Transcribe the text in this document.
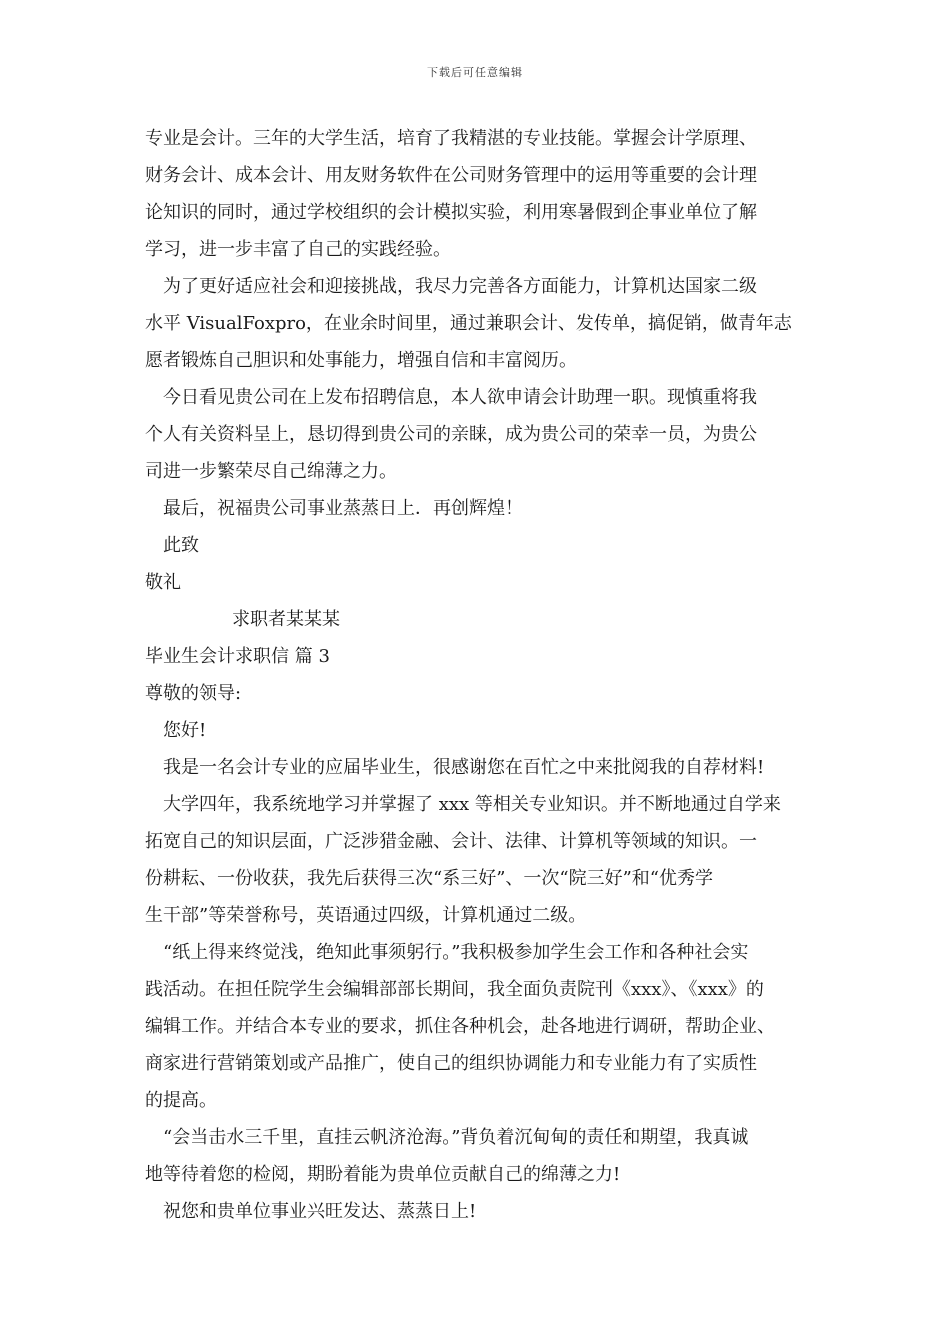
下载后可任意编辑
专业是会计。三年的大学生活，培育了我精湛的专业技能。掌握会计学原理、
财务会计、成本会计、用友财务软件在公司财务管理中的运用等重要的会计理
论知识的同时，通过学校组织的会计模拟实验，利用寒暑假到企事业单位了解
学习，进一步丰富了自己的实践经验。
为了更好适应社会和迎接挑战，我尽力完善各方面能力，计算机达国家二级
水平 VisualFoxpro，在业余时间里，通过兼职会计、发传单，搞促销，做青年志
愿者锻炼自己胆识和处事能力，增强自信和丰富阅历。
今日看见贵公司在上发布招聘信息，本人欲申请会计助理一职。现慎重将我
个人有关资料呈上，恳切得到贵公司的亲睐，成为贵公司的荣幸一员，为贵公
司进一步繁荣尽自己绵薄之力。
最后，祝福贵公司事业蒸蒸日上．再创辉煌！
此致
敬礼
求职者某某某
毕业生会计求职信 篇 3
尊敬的领导:
您好!
我是一名会计专业的应届毕业生，很感谢您在百忙之中来批阅我的自荐材料!
大学四年，我系统地学习并掌握了 xxx 等相关专业知识。并不断地通过自学来
拓宽自己的知识层面，广泛涉猎金融、会计、法律、计算机等领域的知识。一
份耕耘、一份收获，我先后获得三次“系三好”、一次“院三好”和“优秀学
生干部”等荣誉称号，英语通过四级，计算机通过二级。
“纸上得来终觉浅，绝知此事须躬行。”我积极参加学生会工作和各种社会实
践活动。在担任院学生会编辑部部长期间，我全面负责院刊《xxx》、《xxx》的
编辑工作。并结合本专业的要求，抓住各种机会，赴各地进行调研，帮助企业、
商家进行营销策划或产品推广，使自己的组织协调能力和专业能力有了实质性
的提高。
“会当击水三千里，直挂云帆济沧海。”背负着沉甸甸的责任和期望，我真诚
地等待着您的检阅，期盼着能为贵单位贡献自己的绵薄之力!
祝您和贵单位事业兴旺发达、蒸蒸日上!
